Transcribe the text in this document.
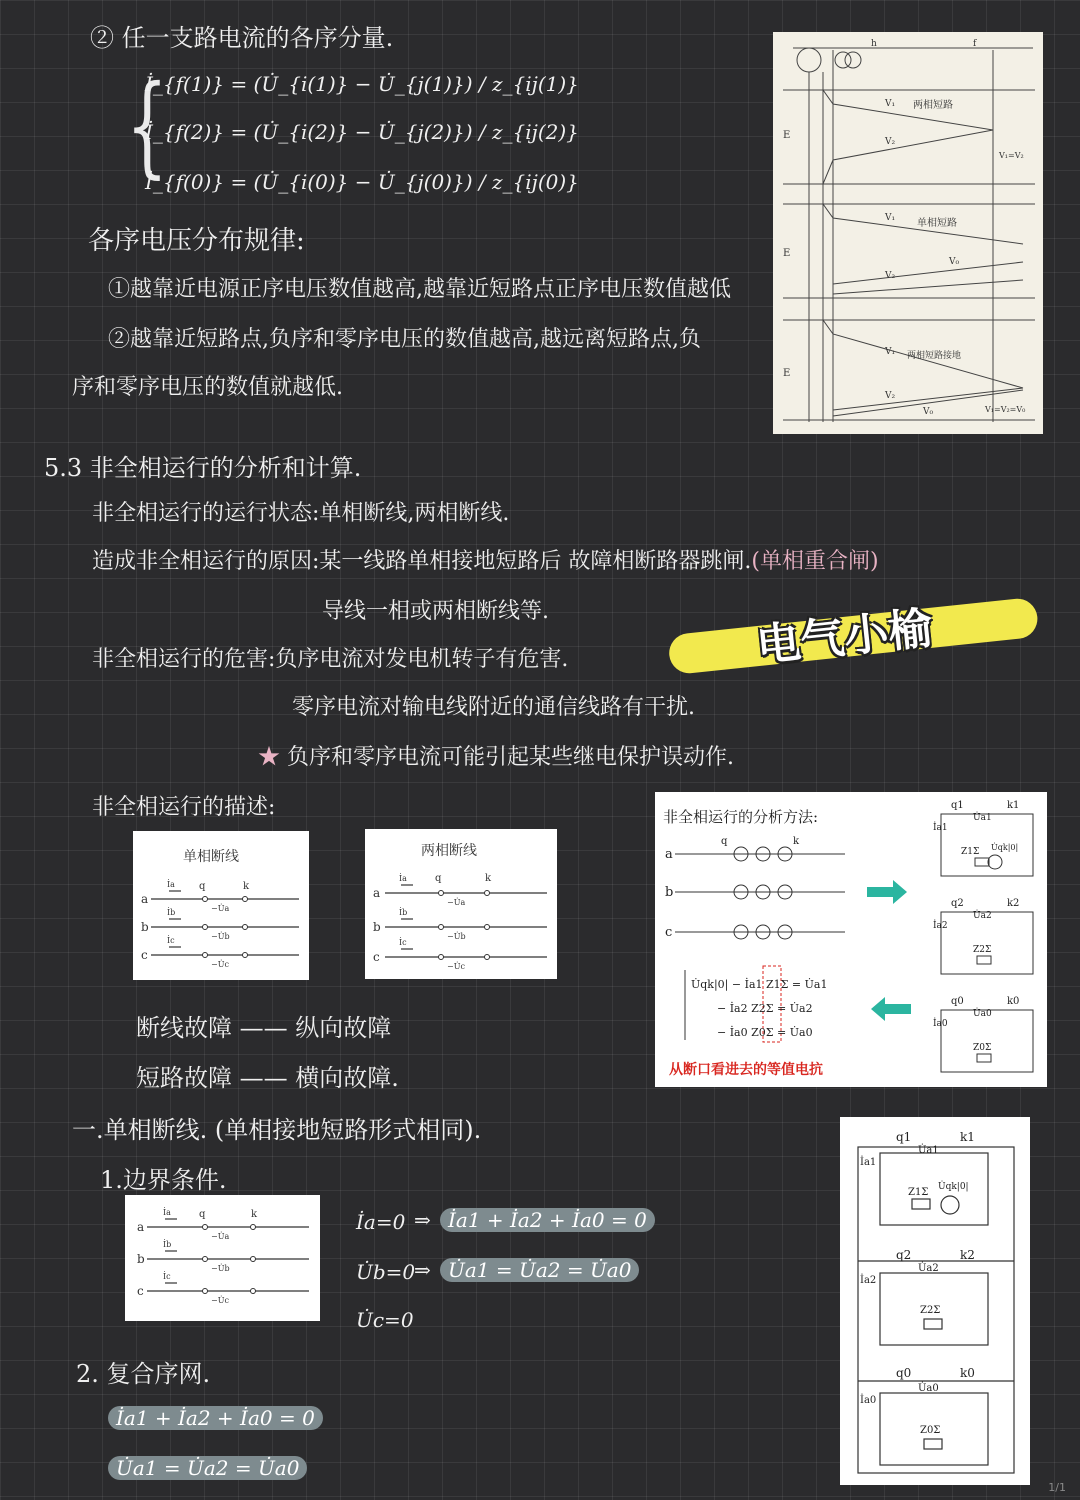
② 任一支路电流的各序分量.
{
İ_{f(1)} = (U̇_{i(1)} − U̇_{j(1)}) / z_{ij(1)}
İ_{f(2)} = (U̇_{i(2)} − U̇_{j(2)}) / z_{ij(2)}
İ_{f(0)} = (U̇_{i(0)} − U̇_{j(0)}) / z_{ij(0)}
各序电压分布规律:
①越靠近电源正序电压数值越高,越靠近短路点正序电压数值越低
②越靠近短路点,负序和零序电压的数值越高,越远离短路点,负
序和零序电压的数值就越低.
5.3 非全相运行的分析和计算.
非全相运行的运行状态:单相断线,两相断线.
造成非全相运行的原因:某一线路单相接地短路后 故障相断路器跳闸.(单相重合闸)
导线一相或两相断线等.
非全相运行的危害:负序电流对发电机转子有危害.
零序电流对输电线附近的通信线路有干扰.
★ 负序和零序电流可能引起某些继电保护误动作.
非全相运行的描述:
断线故障 —— 纵向故障
短路故障 —— 横向故障.
一.单相断线. (单相接地短路形式相同).
1.边界条件.
İa=0 ⇒ İa1 + İa2 + İa0 = 0
U̇b=0
⇒ U̇a1 = U̇a2 = U̇a0
U̇c=0
2. 复合序网.
İa1 + İa2 + İa0 = 0
U̇a1 = U̇a2 = U̇a0
电气小榆
两相短路
单相短路
两相短路接地
E
E
E
V₁
V₂
V₁=V₂
V₁
V₀
V₂
V₁
V₂
V₀	V₁=V₂=V₀
f
h
单相断线
a
b
c
q	k
İa
İb
İc
−U̇a
−U̇b
−U̇c
两相断线
a
b
c
q	k
İa
İb
İc
−U̇a
−U̇b
−U̇c
非全相运行的分析方法:
a
b
c
q	k
U̇qk|0| − İa1 Z1Σ = U̇a1
− İa2 Z2Σ = U̇a2
− İa0 Z0Σ = U̇a0
从断口看进去的等值电抗
q1	k1
U̇a1
İa1
Z1Σ U̇qk|0|
q2	k2
U̇a2
İa2
Z2Σ
q0	k0
U̇a0
İa0
Z0Σ
a
b
c
q	k
İa
İb
İc
−U̇a
−U̇b
−U̇c
q1	k1
U̇a1
İa1
Z1Σ U̇qk|0|
q2	k2
U̇a2
İa2
Z2Σ
q0	k0
U̇a0
İa0
Z0Σ
1/1
